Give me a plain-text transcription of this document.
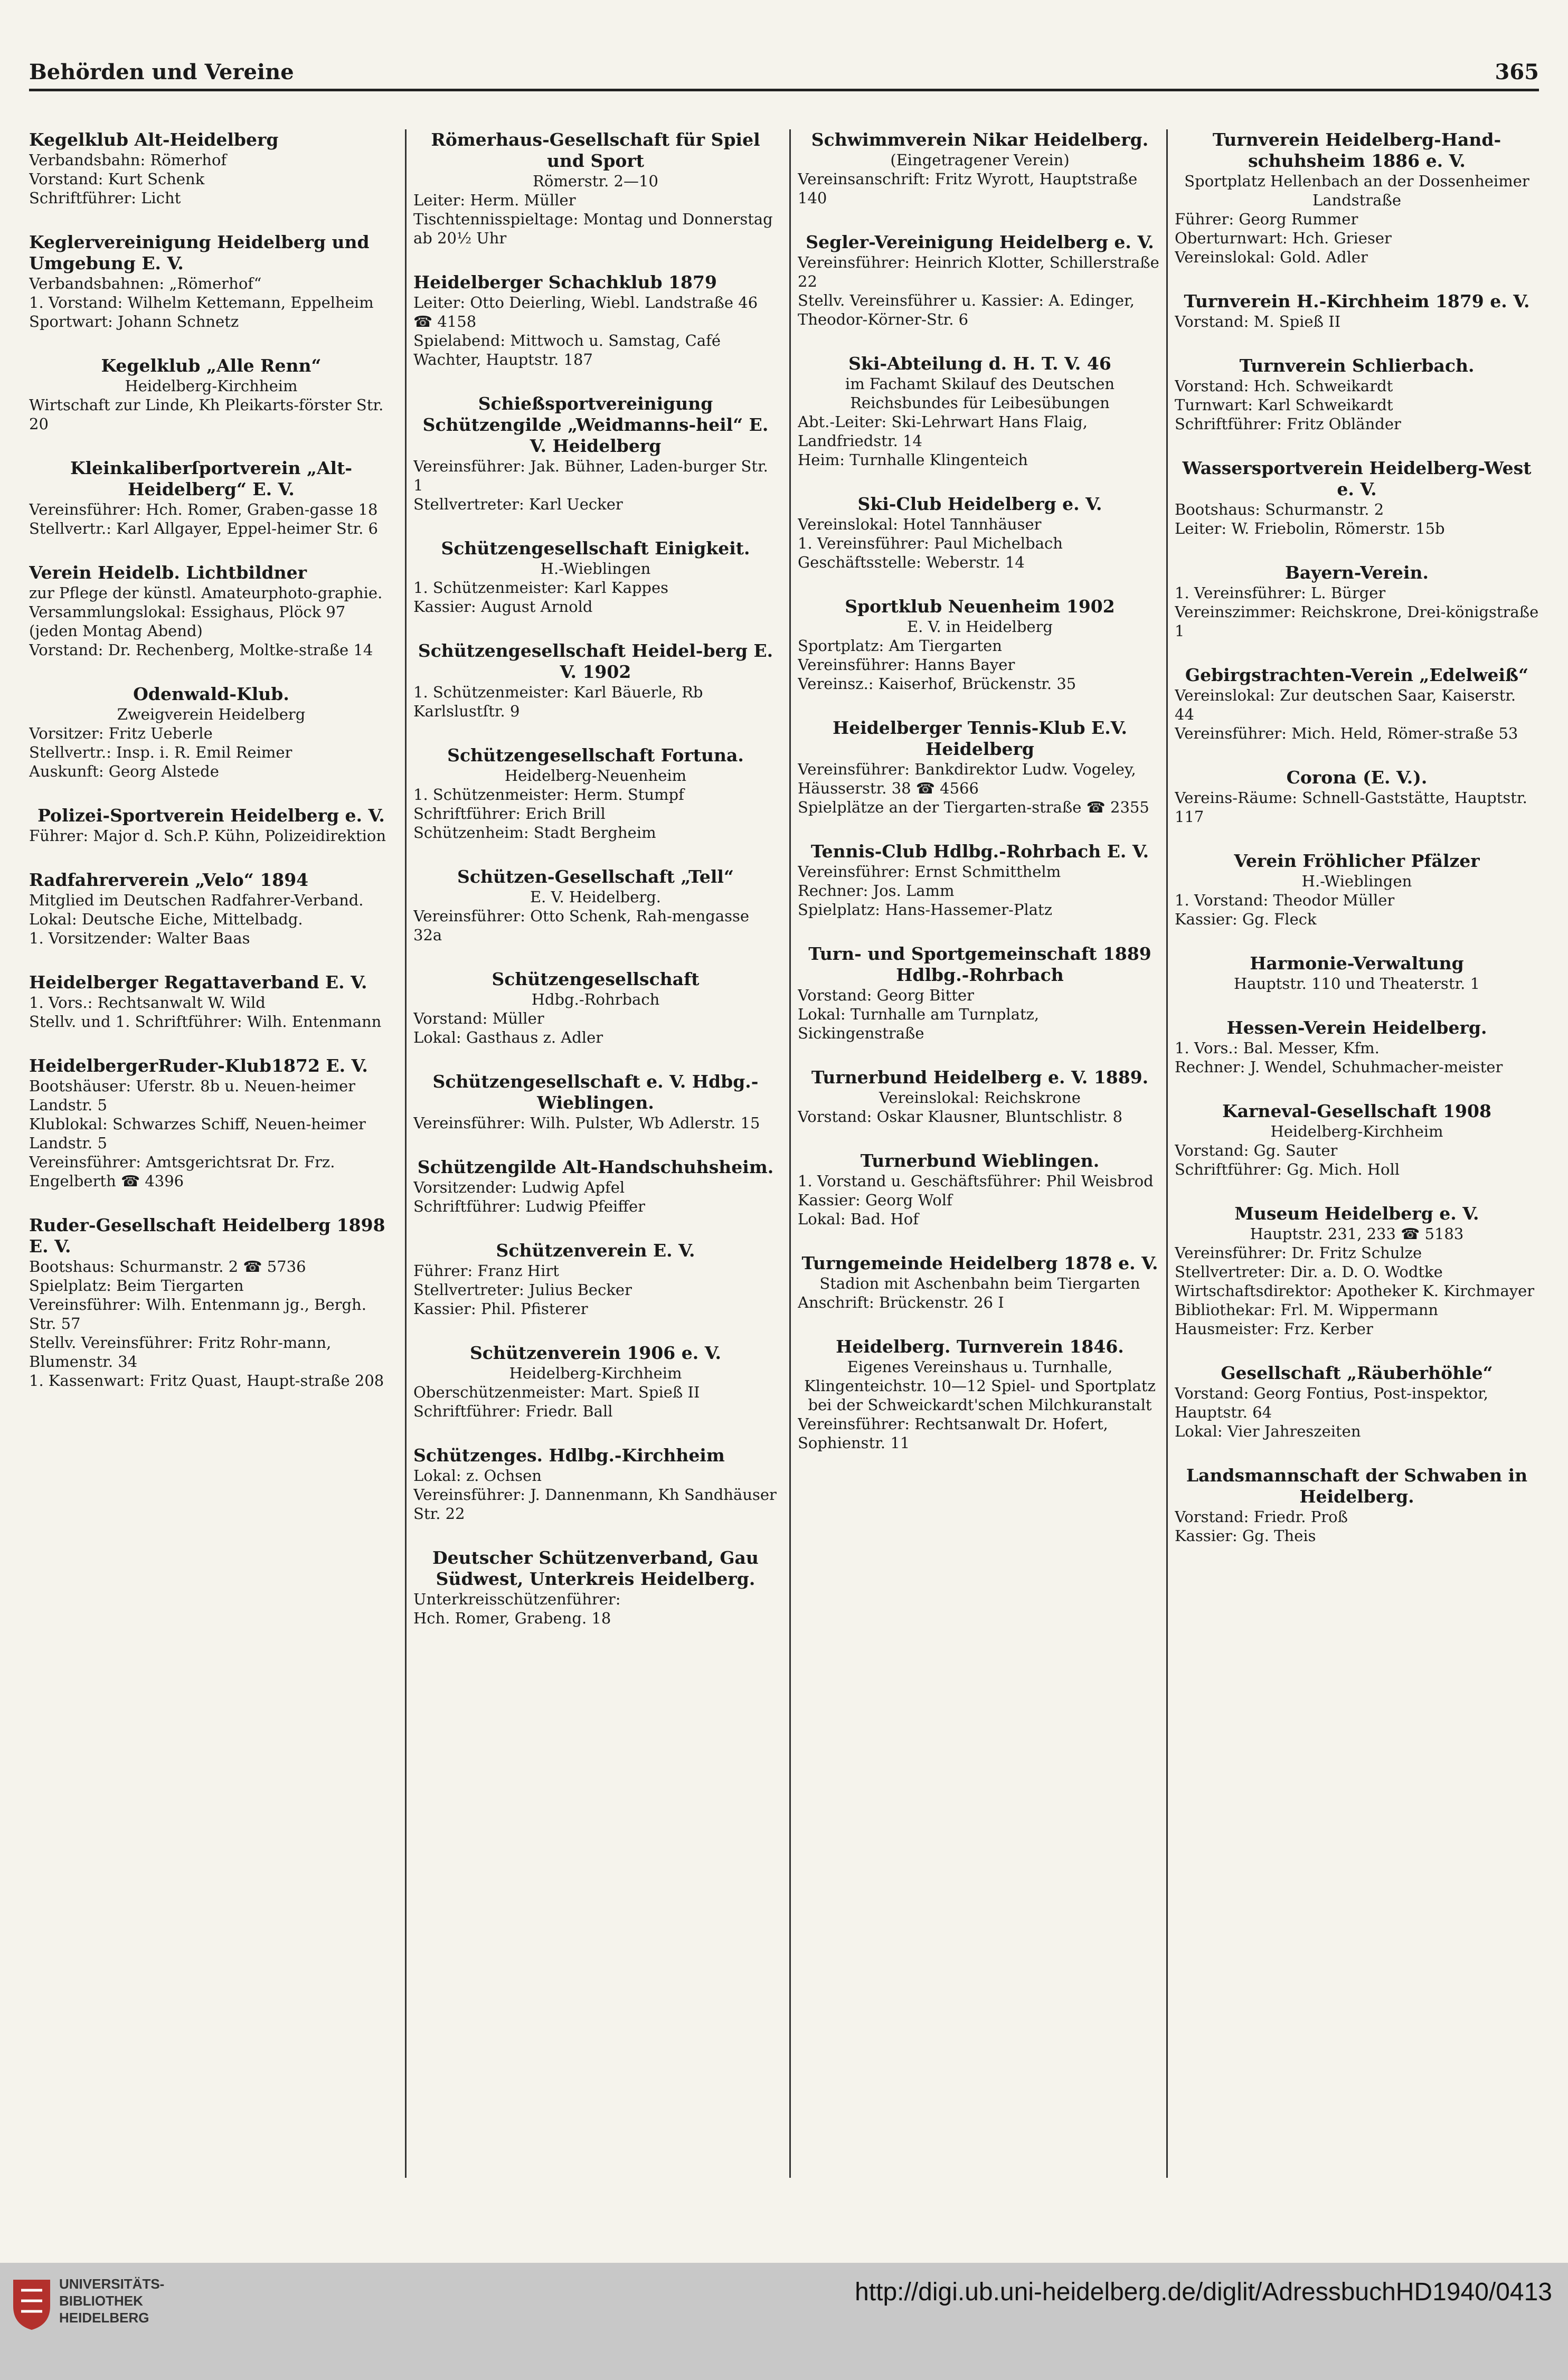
Behörden und Vereine	365
Kegelklub Alt-Heidelberg
Verbandsbahn: Römerhof
Vorstand: Kurt Schenk
Schriftführer: Licht
Keglervereinigung Heidelberg und Umgebung E. V.
Verbandsbahnen: „Römerhof“
1. Vorstand: Wilhelm Kettemann, Eppelheim
Sportwart: Johann Schnetz
Kegelklub „Alle Renn“
Heidelberg-Kirchheim
Wirtschaft zur Linde, Kh Pleikarts-förster Str. 20
Kleinkaliberſportverein „Alt-Heidelberg“ E. V.
Vereinsführer: Hch. Romer, Graben-gasse 18
Stellvertr.: Karl Allgayer, Eppel-heimer Str. 6
Verein Heidelb. Lichtbildner
zur Pflege der künstl. Amateurphoto-graphie.
Versammlungslokal: Essighaus, Plöck 97 (jeden Montag Abend)
Vorstand: Dr. Rechenberg, Moltke-straße 14
Odenwald-Klub.
Zweigverein Heidelberg
Vorsitzer: Fritz Ueberle
Stellvertr.: Insp. i. R. Emil Reimer
Auskunft: Georg Alstede
Polizei-Sportverein Heidelberg e. V.
Führer: Major d. Sch.P. Kühn, Polizeidirektion
Radfahrerverein „Velo“ 1894
Mitglied im Deutschen Radfahrer-Verband.
Lokal: Deutsche Eiche, Mittelbadg.
1. Vorsitzender: Walter Baas
Heidelberger Regattaverband E. V.
1. Vors.: Rechtsanwalt W. Wild
Stellv. und 1. Schriftführer: Wilh. Entenmann
HeidelbergerRuder-Klub1872 E. V.
Bootshäuser: Uferstr. 8b u. Neuen-heimer Landstr. 5
Klublokal: Schwarzes Schiff, Neuen-heimer Landstr. 5
Vereinsführer: Amtsgerichtsrat Dr. Frz. Engelberth ☎ 4396
Ruder-Gesellschaft Heidelberg 1898 E. V.
Bootshaus: Schurmanstr. 2 ☎ 5736
Spielplatz: Beim Tiergarten
Vereinsführer: Wilh. Entenmann jg., Bergh. Str. 57
Stellv. Vereinsführer: Fritz Rohr-mann, Blumenstr. 34
1. Kassenwart: Fritz Quast, Haupt-straße 208
Römerhaus-Gesellschaft für Spiel und Sport
Römerstr. 2—10
Leiter: Herm. Müller
Tischtennisspieltage: Montag und Donnerstag ab 20½ Uhr
Heidelberger Schachklub 1879
Leiter: Otto Deierling, Wiebl. Landstraße 46 ☎ 4158
Spielabend: Mittwoch u. Samstag, Café Wachter, Hauptstr. 187
Schießsportvereinigung Schützengilde „Weidmanns-heil“ E. V. Heidelberg
Vereinsführer: Jak. Bühner, Laden-burger Str. 1
Stellvertreter: Karl Uecker
Schützengesellschaft Einigkeit.
H.-Wieblingen
1. Schützenmeister: Karl Kappes
Kassier: August Arnold
Schützengesellschaft Heidel-berg E. V. 1902
1. Schützenmeister: Karl Bäuerle, Rb Karlslustſtr. 9
Schützengesellschaft Fortuna.
Heidelberg-Neuenheim
1. Schützenmeister: Herm. Stumpf
Schriftführer: Erich Brill
Schützenheim: Stadt Bergheim
Schützen-Gesellschaft „Tell“
E. V. Heidelberg.
Vereinsführer: Otto Schenk, Rah-mengasse 32a
Schützengesellschaft
Hdbg.-Rohrbach
Vorstand: Müller
Lokal: Gasthaus z. Adler
Schützengesellschaft e. V. Hdbg.-Wieblingen.
Vereinsführer: Wilh. Pulster, Wb Adlerstr. 15
Schützengilde Alt-Handschuhsheim.
Vorsitzender: Ludwig Apfel
Schriftführer: Ludwig Pfeiffer
Schützenverein E. V.
Führer: Franz Hirt
Stellvertreter: Julius Becker
Kassier: Phil. Pfisterer
Schützenverein 1906 e. V.
Heidelberg-Kirchheim
Oberschützenmeister: Mart. Spieß II
Schriftführer: Friedr. Ball
Schützenges. Hdlbg.-Kirchheim
Lokal: z. Ochsen
Vereinsführer: J. Dannenmann, Kh Sandhäuser Str. 22
Deutscher Schützenverband, Gau Südwest, Unterkreis Heidelberg.
Unterkreisschützenführer:
Hch. Romer, Grabeng. 18
Schwimmverein Nikar Heidelberg.
(Eingetragener Verein)
Vereinsanschrift: Fritz Wyrott, Hauptstraße 140
Segler-Vereinigung Heidelberg e. V.
Vereinsführer: Heinrich Klotter, Schillerstraße 22
Stellv. Vereinsführer u. Kassier: A. Edinger, Theodor-Körner-Str. 6
Ski-Abteilung d. H. T. V. 46
im Fachamt Skilauf des Deutschen Reichsbundes für Leibesübungen
Abt.-Leiter: Ski-Lehrwart Hans Flaig, Landfriedstr. 14
Heim: Turnhalle Klingenteich
Ski-Club Heidelberg e. V.
Vereinslokal: Hotel Tannhäuser
1. Vereinsführer: Paul Michelbach
Geschäftsstelle: Weberstr. 14
Sportklub Neuenheim 1902
E. V. in Heidelberg
Sportplatz: Am Tiergarten
Vereinsführer: Hanns Bayer
Vereinsz.: Kaiserhof, Brückenstr. 35
Heidelberger Tennis-Klub E.V. Heidelberg
Vereinsführer: Bankdirektor Ludw. Vogeley, Häusserstr. 38 ☎ 4566
Spielplätze an der Tiergarten-straße ☎ 2355
Tennis-Club Hdlbg.-Rohrbach E. V.
Vereinsführer: Ernst Schmitthelm
Rechner: Jos. Lamm
Spielplatz: Hans-Hassemer-Platz
Turn- und Sportgemeinschaft 1889 Hdlbg.-Rohrbach
Vorstand: Georg Bitter
Lokal: Turnhalle am Turnplatz, Sickingenstraße
Turnerbund Heidelberg e. V. 1889.
Vereinslokal: Reichskrone
Vorstand: Oskar Klausner, Bluntschlistr. 8
Turnerbund Wieblingen.
1. Vorstand u. Geschäftsführer: Phil Weisbrod
Kassier: Georg Wolf
Lokal: Bad. Hof
Turngemeinde Heidelberg 1878 e. V.
Stadion mit Aschenbahn beim Tiergarten
Anschrift: Brückenstr. 26 I
Heidelberg. Turnverein 1846.
Eigenes Vereinshaus u. Turnhalle, Klingenteichstr. 10—12 Spiel- und Sportplatz bei der Schweickardt'schen Milchkuranstalt
Vereinsführer: Rechtsanwalt Dr. Hofert, Sophienstr. 11
Turnverein Heidelberg-Hand-schuhsheim 1886 e. V.
Sportplatz Hellenbach an der Dossenheimer Landstraße
Führer: Georg Rummer
Oberturnwart: Hch. Grieser
Vereinslokal: Gold. Adler
Turnverein H.-Kirchheim 1879 e. V.
Vorstand: M. Spieß II
Turnverein Schlierbach.
Vorstand: Hch. Schweikardt
Turnwart: Karl Schweikardt
Schriftführer: Fritz Obländer
Wassersportverein Heidelberg-West e. V.
Bootshaus: Schurmanstr. 2
Leiter: W. Friebolin, Römerstr. 15b
Bayern-Verein.
1. Vereinsführer: L. Bürger
Vereinszimmer: Reichskrone, Drei-königstraße 1
Gebirgstrachten-Verein „Edelweiß“
Vereinslokal: Zur deutschen Saar, Kaiserstr. 44
Vereinsführer: Mich. Held, Römer-straße 53
Corona (E. V.).
Vereins-Räume: Schnell-Gaststätte, Hauptstr. 117
Verein Fröhlicher Pfälzer
H.-Wieblingen
1. Vorstand: Theodor Müller
Kassier: Gg. Fleck
Harmonie-Verwaltung
Hauptstr. 110 und Theaterstr. 1
Hessen-Verein Heidelberg.
1. Vors.: Bal. Messer, Kfm.
Rechner: J. Wendel, Schuhmacher-meister
Karneval-Gesellschaft 1908
Heidelberg-Kirchheim
Vorstand: Gg. Sauter
Schriftführer: Gg. Mich. Holl
Museum Heidelberg e. V.
Hauptstr. 231, 233 ☎ 5183
Vereinsführer: Dr. Fritz Schulze
Stellvertreter: Dir. a. D. O. Wodtke
Wirtschaftsdirektor: Apotheker K. Kirchmayer
Bibliothekar: Frl. M. Wippermann
Hausmeister: Frz. Kerber
Gesellschaft „Räuberhöhle“
Vorstand: Georg Fontius, Post-inspektor, Hauptstr. 64
Lokal: Vier Jahreszeiten
Landsmannschaft der Schwaben in Heidelberg.
Vorstand: Friedr. Proß
Kassier: Gg. Theis
UNIVERSITÄTS-
BIBLIOTHEK
HEIDELBERG
http://digi.ub.uni-heidelberg.de/diglit/AdressbuchHD1940/0413
